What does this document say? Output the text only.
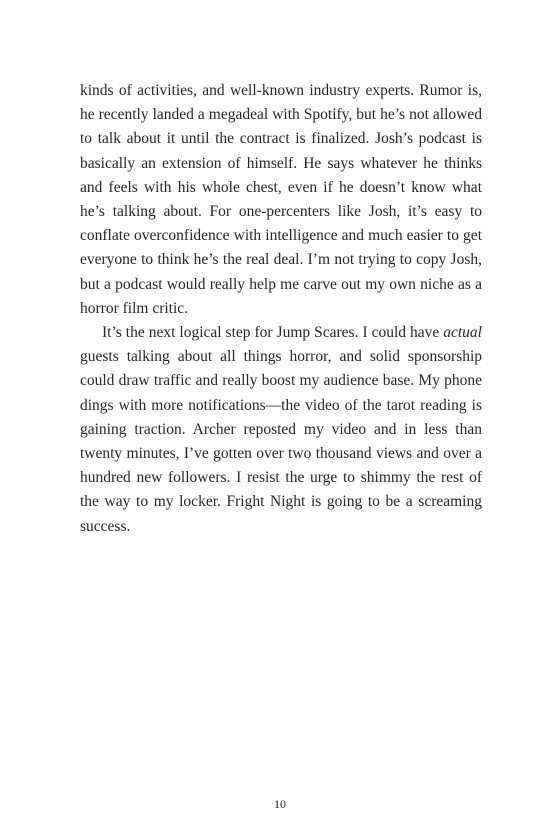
kinds of activities, and well-known industry experts. Rumor is, he recently landed a megadeal with Spotify, but he’s not allowed to talk about it until the contract is finalized. Josh’s podcast is basically an extension of himself. He says whatever he thinks and feels with his whole chest, even if he doesn’t know what he’s talking about. For one-percenters like Josh, it’s easy to conflate overconfidence with intelligence and much easier to get everyone to think he’s the real deal. I’m not trying to copy Josh, but a podcast would really help me carve out my own niche as a horror film critic.

It’s the next logical step for Jump Scares. I could have actual guests talking about all things horror, and solid sponsorship could draw traffic and really boost my audience base. My phone dings with more notifications—the video of the tarot reading is gaining traction. Archer reposted my video and in less than twenty minutes, I’ve gotten over two thousand views and over a hundred new followers. I resist the urge to shimmy the rest of the way to my locker. Fright Night is going to be a screaming success.

10
